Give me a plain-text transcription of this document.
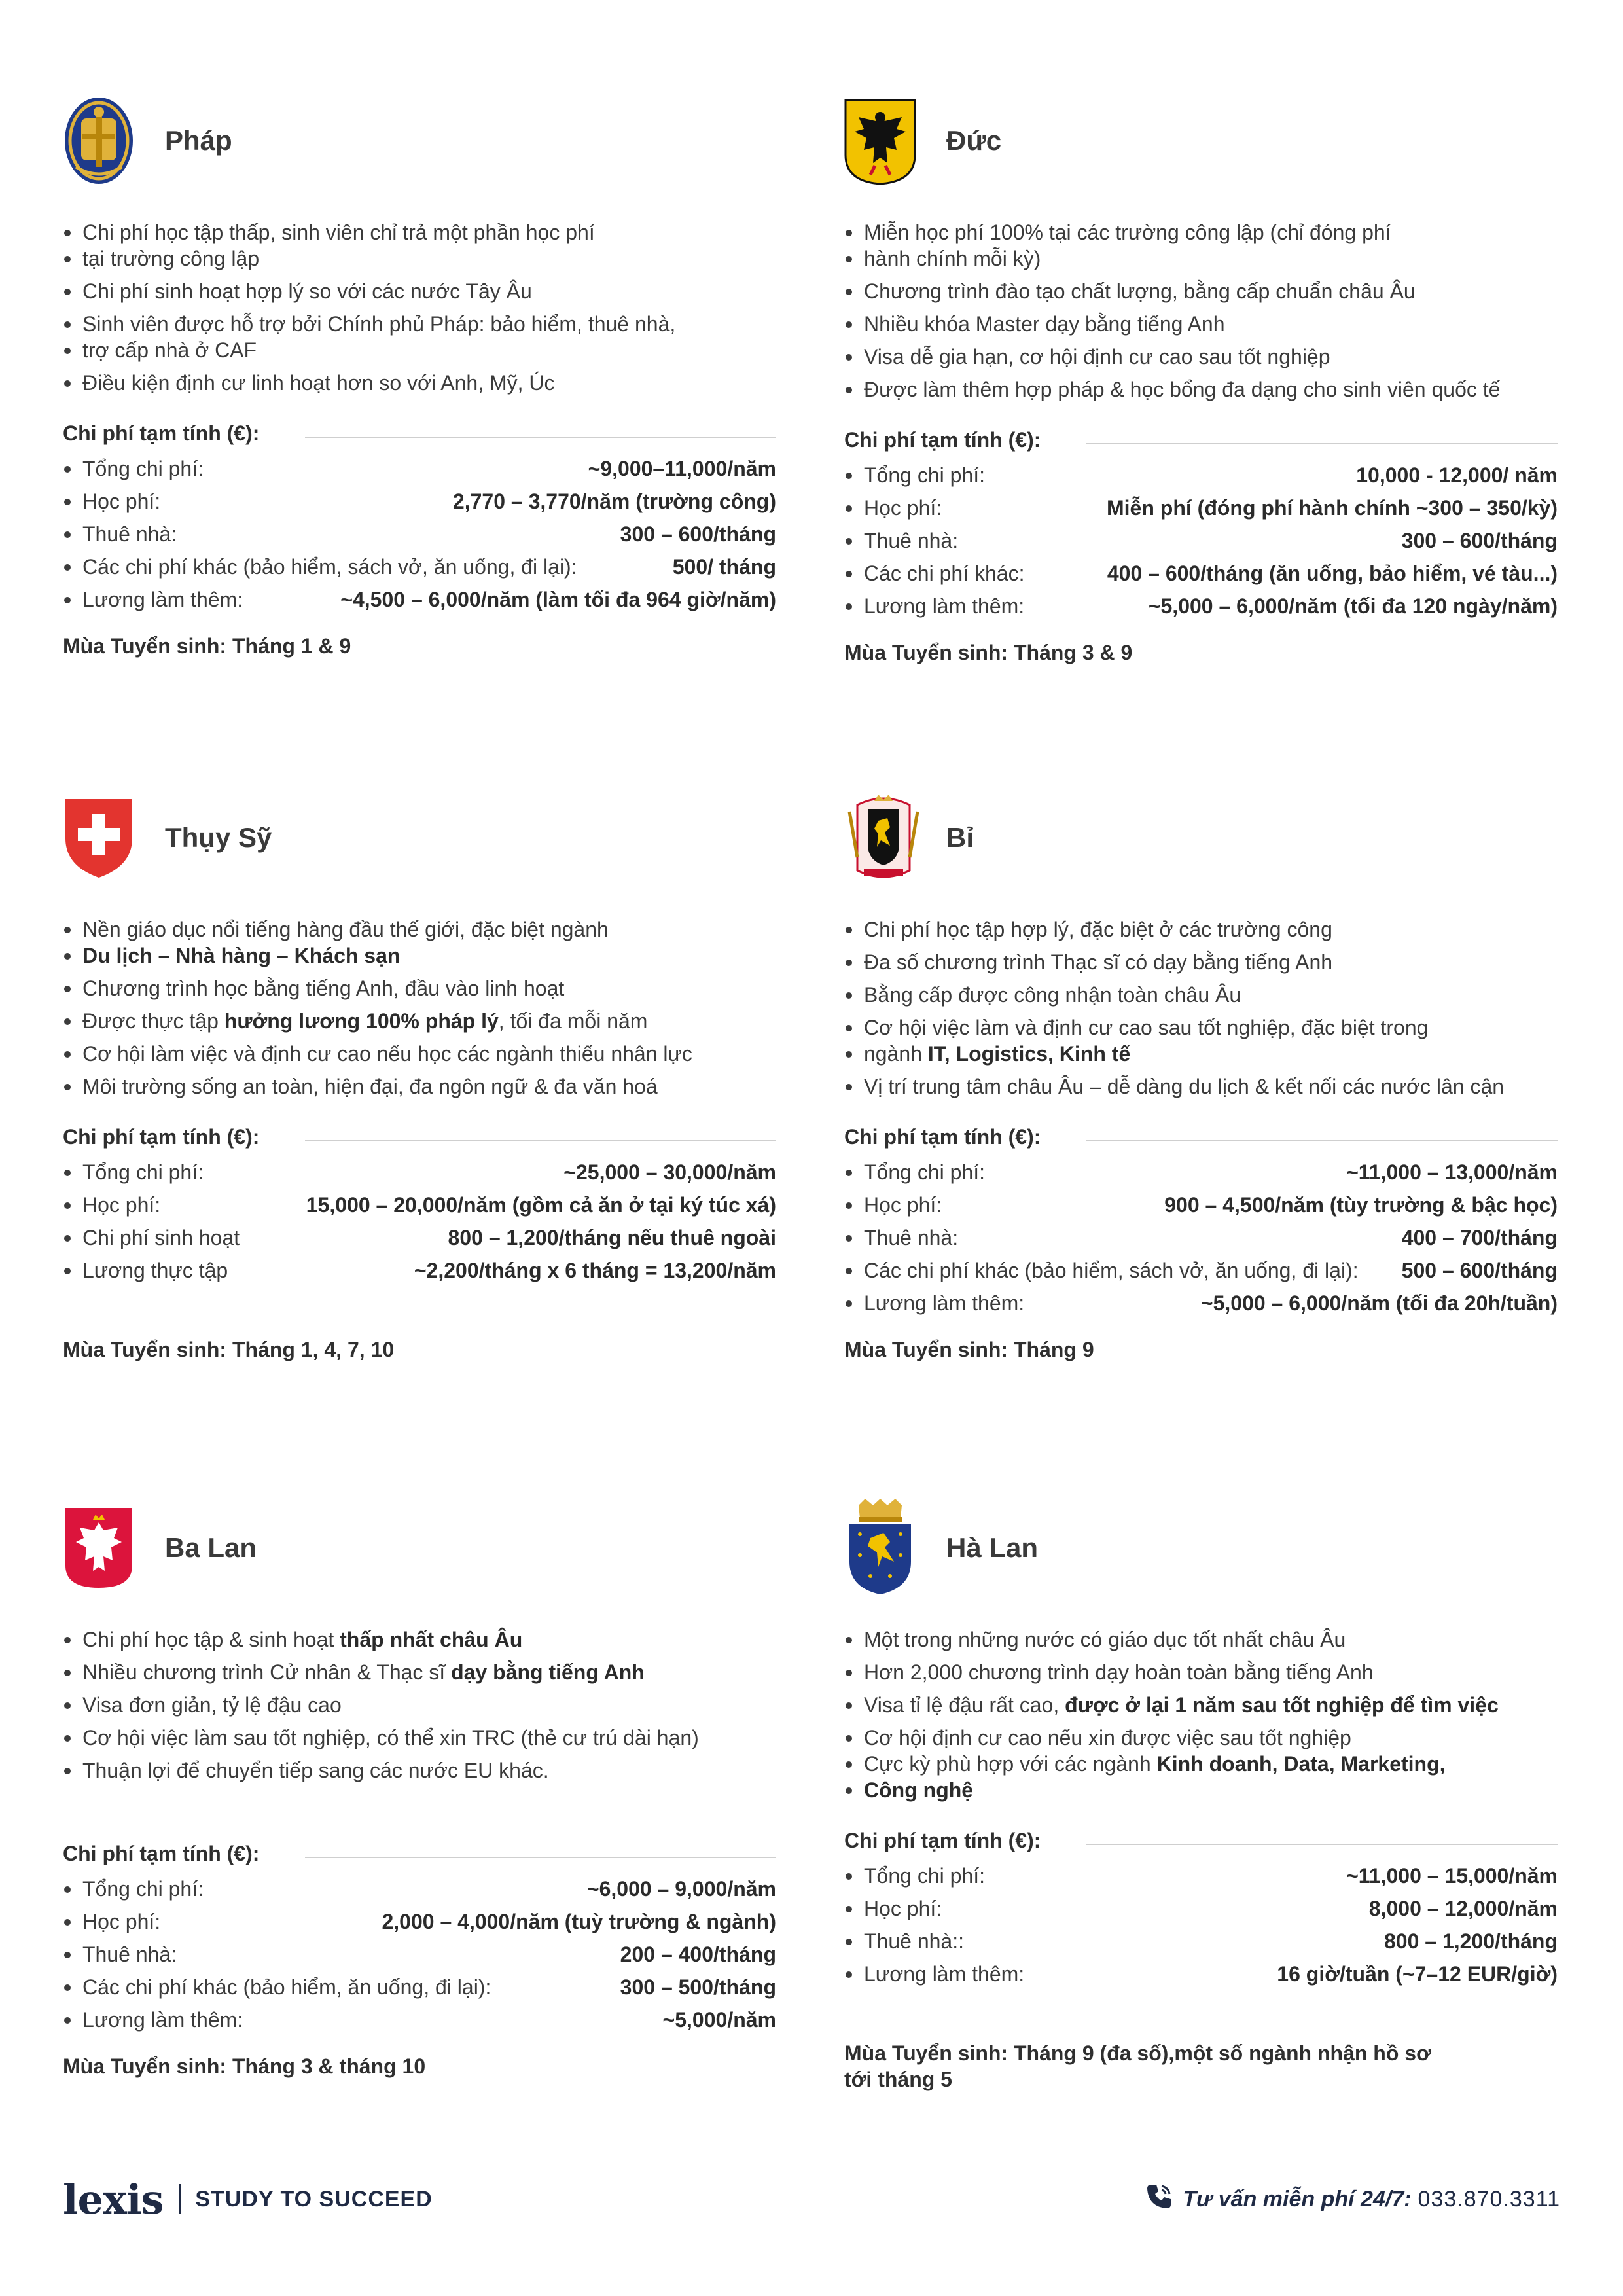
Pháp
Chi phí học tập thấp, sinh viên chỉ trả một phần học phí
tại trường công lập
Chi phí sinh hoạt hợp lý so với các nước Tây Âu
Sinh viên được hỗ trợ bởi Chính phủ Pháp: bảo hiểm, thuê nhà,
trợ cấp nhà ở CAF
Điều kiện định cư linh hoạt hơn so với Anh, Mỹ, Úc
Chi phí tạm tính (€):
Tổng chi phí:	~9,000–11,000/năm
Học phí:	2,770 – 3,770/năm (trường công)
Thuê nhà:	300 – 600/tháng
Các chi phí khác (bảo hiểm, sách vở, ăn uống, đi lại):	500/ tháng
Lương làm thêm:	~4,500 – 6,000/năm (làm tối đa 964 giờ/năm)
Mùa Tuyển sinh: Tháng 1 & 9
Đức
Miễn học phí 100% tại các trường công lập (chỉ đóng phí
hành chính mỗi kỳ)
Chương trình đào tạo chất lượng, bằng cấp chuẩn châu Âu
Nhiều khóa Master dạy bằng tiếng Anh
Visa dễ gia hạn, cơ hội định cư cao sau tốt nghiệp
Được làm thêm hợp pháp & học bổng đa dạng cho sinh viên quốc tế
Chi phí tạm tính (€):
Tổng chi phí:	10,000 - 12,000/ năm
Học phí:	Miễn phí (đóng phí hành chính ~300 – 350/kỳ)
Thuê nhà:	300 – 600/tháng
Các chi phí khác:	400 – 600/tháng (ăn uống, bảo hiểm, vé tàu...)
Lương làm thêm:	~5,000 – 6,000/năm (tối đa 120 ngày/năm)
Mùa Tuyển sinh: Tháng 3 & 9
Thụy Sỹ
Nền giáo dục nổi tiếng hàng đầu thế giới, đặc biệt ngành
Du lịch – Nhà hàng – Khách sạn
Chương trình học bằng tiếng Anh, đầu vào linh hoạt
Được thực tập hưởng lương 100% pháp lý, tối đa mỗi năm
Cơ hội làm việc và định cư cao nếu học các ngành thiếu nhân lực
Môi trường sống an toàn, hiện đại, đa ngôn ngữ & đa văn hoá
Chi phí tạm tính (€):
Tổng chi phí:	~25,000 – 30,000/năm
Học phí:	15,000 – 20,000/năm (gồm cả ăn ở tại ký túc xá)
Chi phí sinh hoạt	800 – 1,200/tháng nếu thuê ngoài
Lương thực tập	~2,200/tháng x 6 tháng = 13,200/năm
Mùa Tuyển sinh: Tháng 1, 4, 7, 10
Bỉ
Chi phí học tập hợp lý, đặc biệt ở các trường công
Đa số chương trình Thạc sĩ có dạy bằng tiếng Anh
Bằng cấp được công nhận toàn châu Âu
Cơ hội việc làm và định cư cao sau tốt nghiệp, đặc biệt trong
ngành IT, Logistics, Kinh tế
Vị trí trung tâm châu Âu – dễ dàng du lịch & kết nối các nước lân cận
Chi phí tạm tính (€):
Tổng chi phí:	~11,000 – 13,000/năm
Học phí:	900 – 4,500/năm (tùy trường & bậc học)
Thuê nhà:	400 – 700/tháng
Các chi phí khác (bảo hiểm, sách vở, ăn uống, đi lại): 500 – 600/tháng
Lương làm thêm:	~5,000 – 6,000/năm (tối đa 20h/tuần)
Mùa Tuyển sinh: Tháng 9
Ba Lan
Chi phí học tập & sinh hoạt thấp nhất châu Âu
Nhiều chương trình Cử nhân & Thạc sĩ dạy bằng tiếng Anh
Visa đơn giản, tỷ lệ đậu cao
Cơ hội việc làm sau tốt nghiệp, có thể xin TRC (thẻ cư trú dài hạn)
Thuận lợi để chuyển tiếp sang các nước EU khác.
Chi phí tạm tính (€):
Tổng chi phí:	~6,000 – 9,000/năm
Học phí:	2,000 – 4,000/năm (tuỳ trường & ngành)
Thuê nhà:	200 – 400/tháng
Các chi phí khác (bảo hiểm, ăn uống, đi lại):	300 – 500/tháng
Lương làm thêm:	~5,000/năm
Mùa Tuyển sinh: Tháng 3 & tháng 10
Hà Lan
Một trong những nước có giáo dục tốt nhất châu Âu
Hơn 2,000 chương trình dạy hoàn toàn bằng tiếng Anh
Visa tỉ lệ đậu rất cao, được ở lại 1 năm sau tốt nghiệp để tìm việc
Cơ hội định cư cao nếu xin được việc sau tốt nghiệp
Cực kỳ phù hợp với các ngành Kinh doanh, Data, Marketing,
Công nghệ
Chi phí tạm tính (€):
Tổng chi phí:	~11,000 – 15,000/năm
Học phí:	8,000 – 12,000/năm
Thuê nhà::	800 – 1,200/tháng
Lương làm thêm:	16 giờ/tuần (~7–12 EUR/giờ)
Mùa Tuyển sinh: Tháng 9 (đa số),một số ngành nhận hồ sơ
tới tháng 5
lexis STUDY TO SUCCEED	Tư vấn miễn phí 24/7: 033.870.3311
